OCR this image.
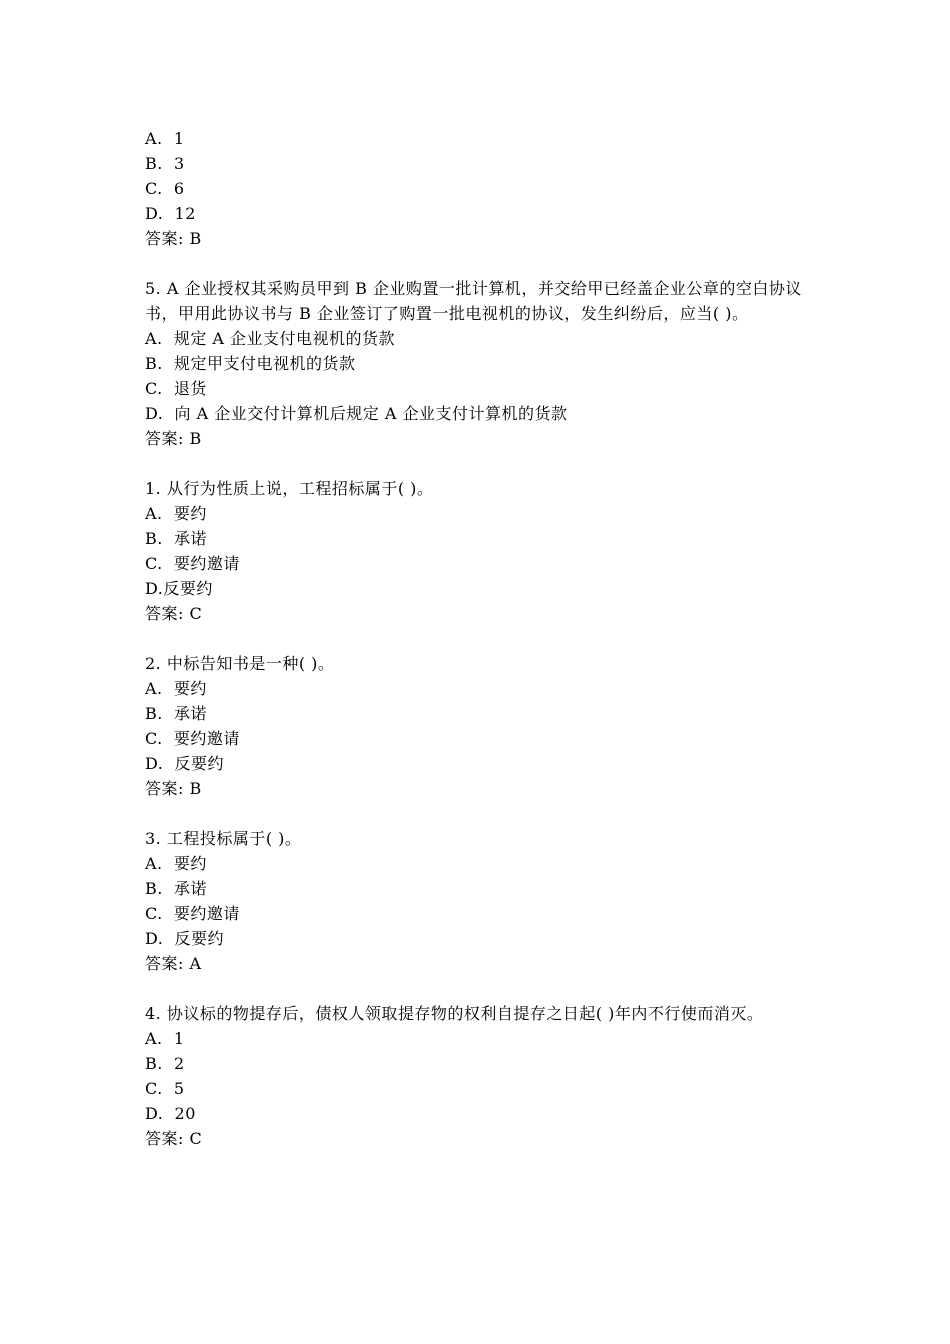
A.  1
B.  3
C.  6
D.  12
答案: B
5. A 企业授权其采购员甲到 B 企业购置一批计算机，并交给甲已经盖企业公章的空白协议书，甲用此协议书与 B 企业签订了购置一批电视机的协议，发生纠纷后，应当( )。
A.  规定 A 企业支付电视机的货款
B.  规定甲支付电视机的货款
C.  退货
D.  向 A 企业交付计算机后规定 A 企业支付计算机的货款
答案: B
1. 从行为性质上说，工程招标属于( )。
A.  要约
B.  承诺
C.  要约邀请
D.反要约
答案: C
2. 中标告知书是一种( )。
A.  要约
B.  承诺
C.  要约邀请
D.  反要约
答案: B
3. 工程投标属于( )。
A.  要约
B.  承诺
C.  要约邀请
D.  反要约
答案: A
4. 协议标的物提存后，债权人领取提存物的权利自提存之日起( )年内不行使而消灭。
A.  1
B.  2
C.  5
D.  20
答案: C
